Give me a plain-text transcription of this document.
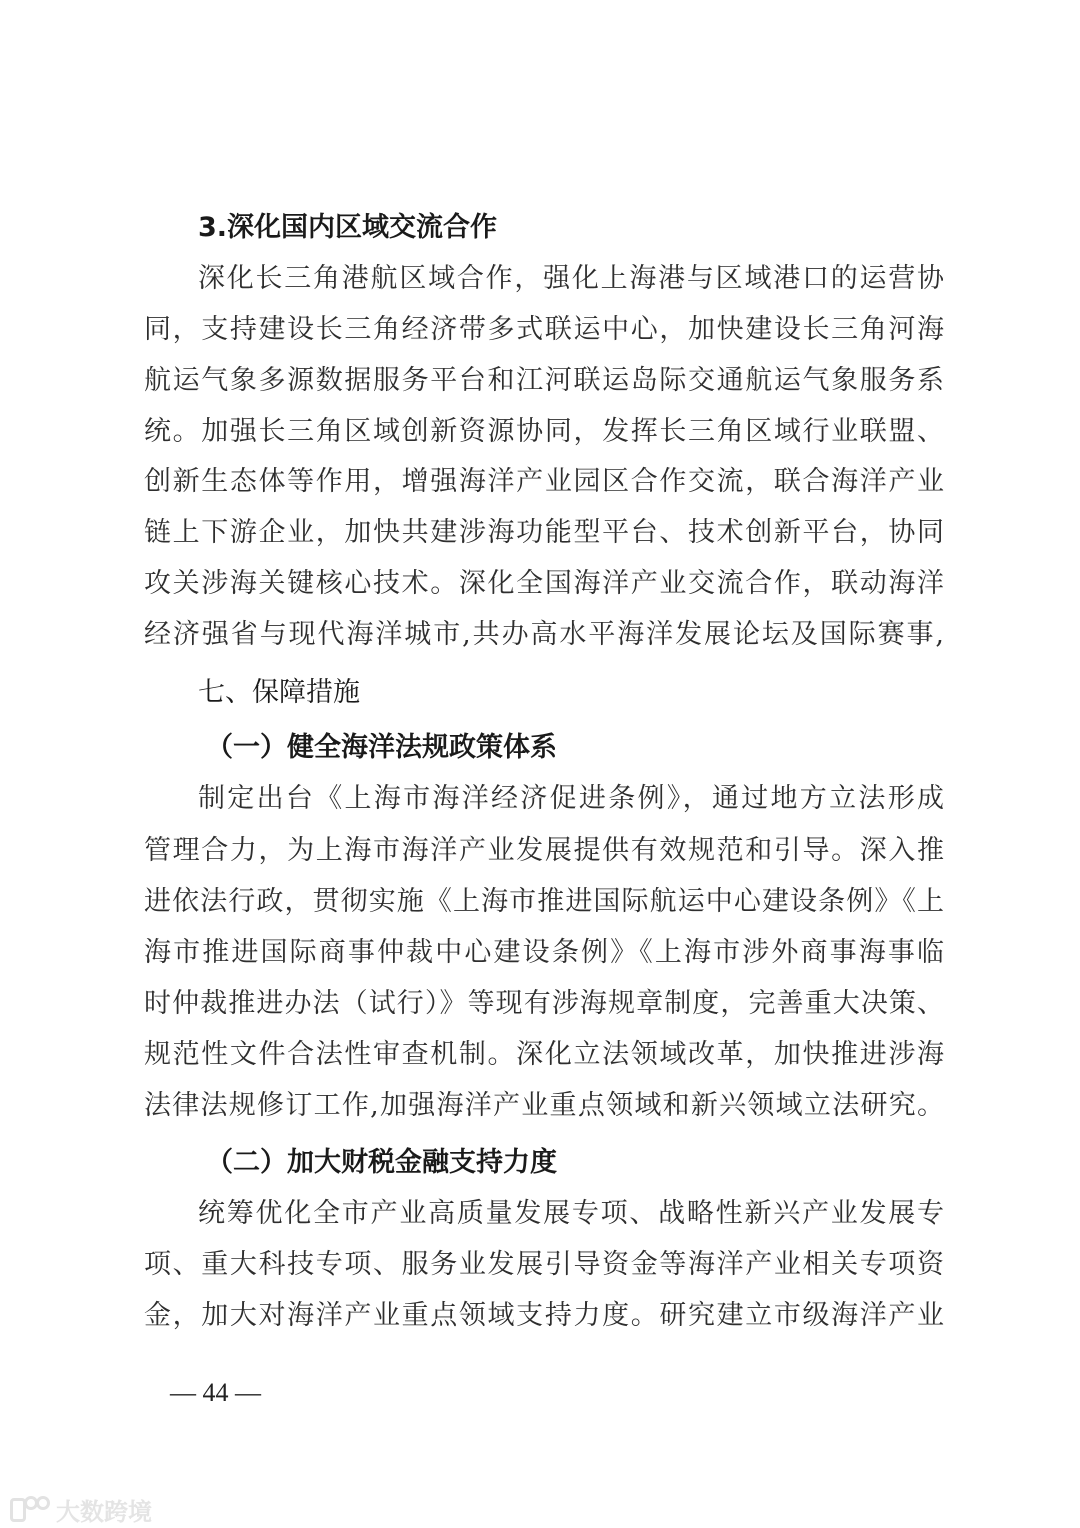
3.深化国内区域交流合作
深化长三角港航区域合作，强化上海港与区域港口的运营协
同，支持建设长三角经济带多式联运中心，加快建设长三角河海
航运气象多源数据服务平台和江河联运岛际交通航运气象服务系
统。加强长三角区域创新资源协同，发挥长三角区域行业联盟、
创新生态体等作用，增强海洋产业园区合作交流，联合海洋产业
链上下游企业，加快共建涉海功能型平台、技术创新平台，协同
攻关涉海关键核心技术。深化全国海洋产业交流合作，联动海洋
经济强省与现代海洋城市,共办高水平海洋发展论坛及国际赛事,
七、保障措施
（一）健全海洋法规政策体系
制定出台《上海市海洋经济促进条例》，通过地方立法形成
管理合力，为上海市海洋产业发展提供有效规范和引导。深入推
进依法行政，贯彻实施《上海市推进国际航运中心建设条例》《上
海市推进国际商事仲裁中心建设条例》《上海市涉外商事海事临
时仲裁推进办法（试行）》等现有涉海规章制度，完善重大决策、
规范性文件合法性审查机制。深化立法领域改革，加快推进涉海
法律法规修订工作,加强海洋产业重点领域和新兴领域立法研究。
（二）加大财税金融支持力度
统筹优化全市产业高质量发展专项、战略性新兴产业发展专
项、重大科技专项、服务业发展引导资金等海洋产业相关专项资
金，加大对海洋产业重点领域支持力度。研究建立市级海洋产业
— 44 —
大数跨境
